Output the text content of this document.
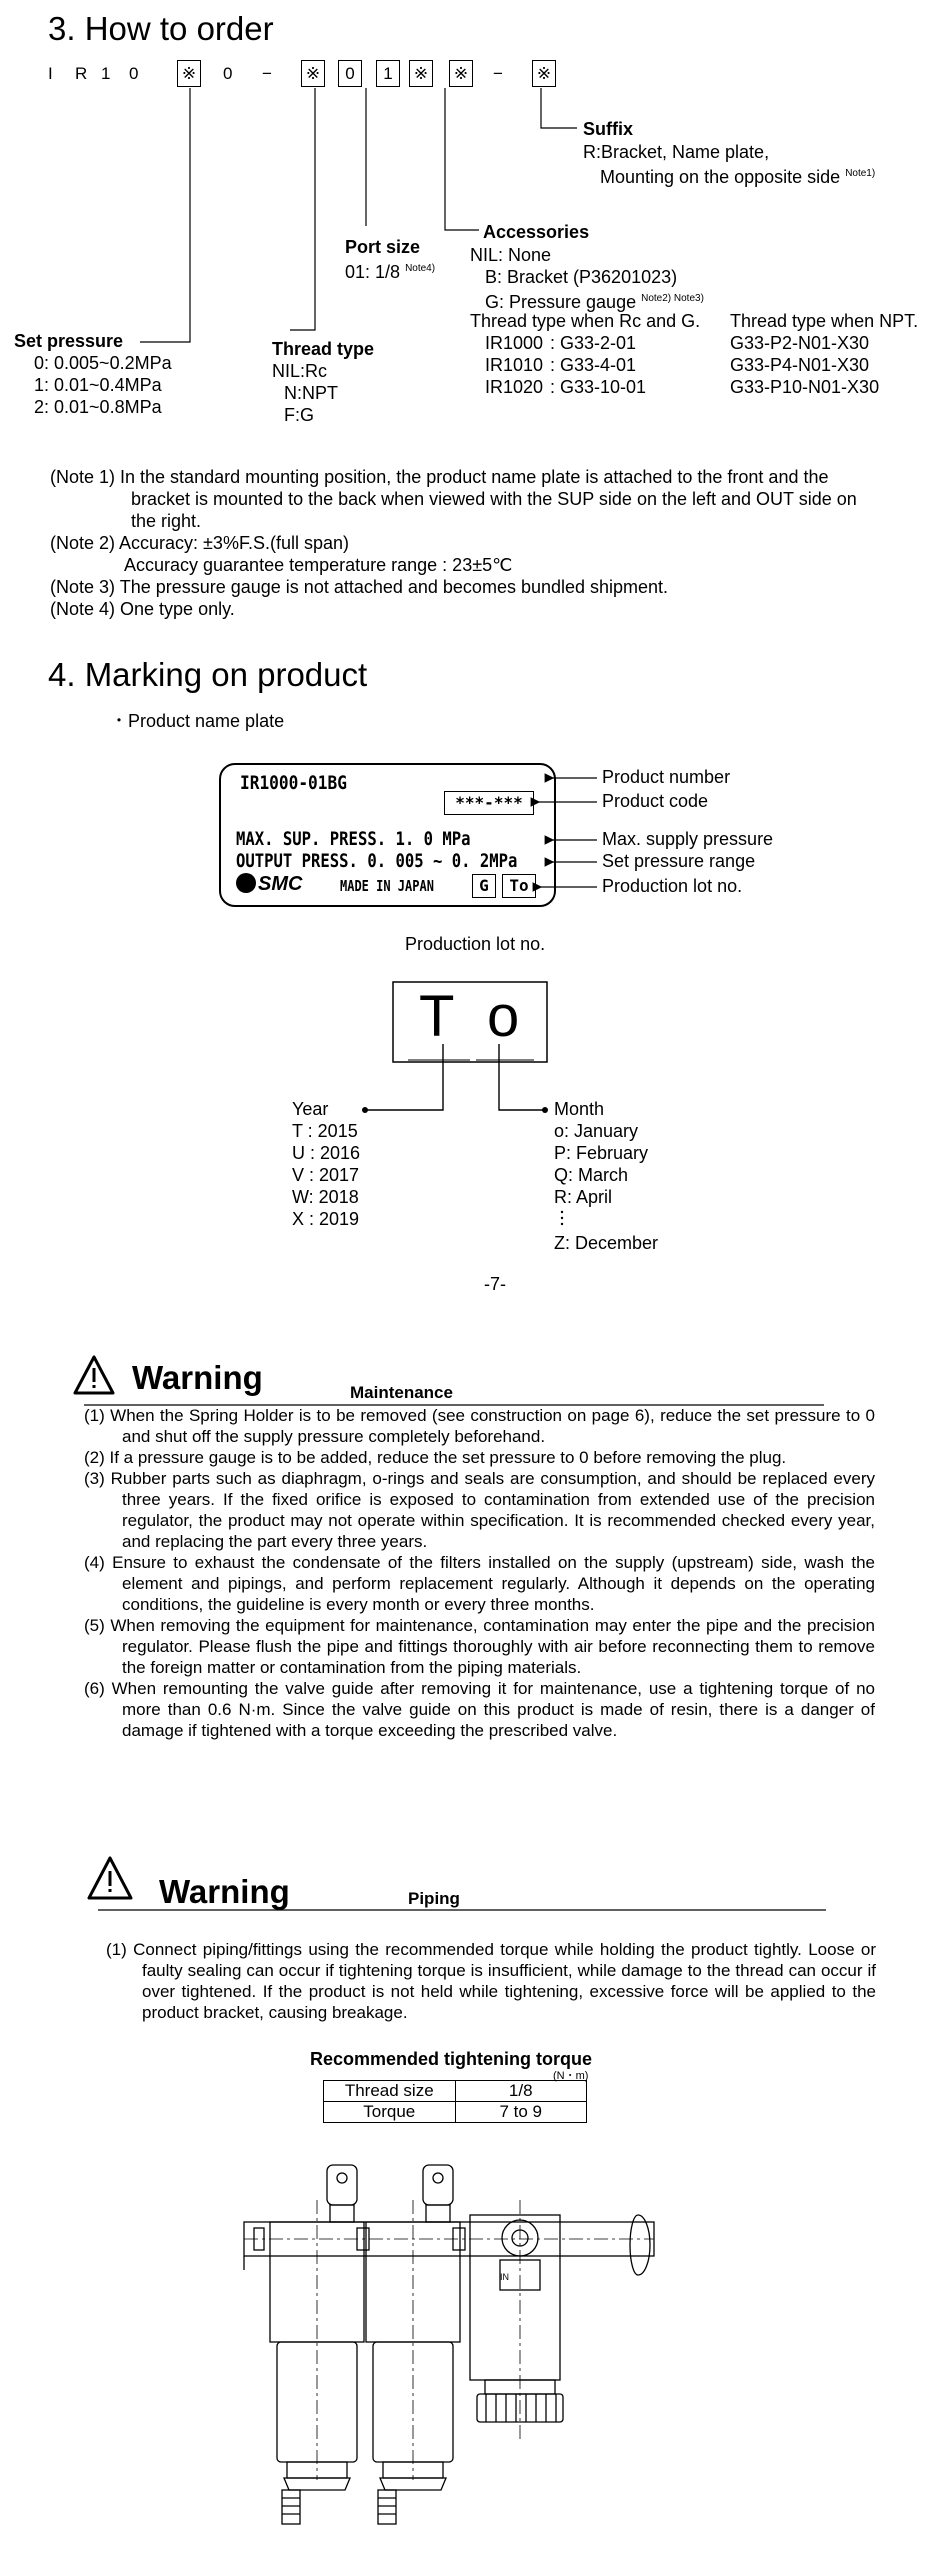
3. How to order
I R 1 0	※ 0 − ※	0	1	※ ※ − ※
Suffix
R:Bracket, Name plate,
Mounting on the opposite side $^{Note1)}$
Accessories
NIL: None
B: Bracket (P36201023)
G: Pressure gauge $^{Note2) Note3)}$
Thread type when Rc and G. Thread type when NPT.
IR1000 : G33-2-01	G33-P2-N01-X30
IR1010 : G33-4-01	G33-P4-N01-X30
IR1020 : G33-10-01	G33-P10-N01-X30
Port size
01: 1/8 $^{Note4)}$
Set pressure
0: 0.005~0.2MPa
1: 0.01~0.4MPa
2: 0.01~0.8MPa
Thread type
NIL:Rc
N:NPT
F:G
(Note 1) In the standard mounting position, the product name plate is attached to the front and the
bracket is mounted to the back when viewed with the SUP side on the left and OUT side on
the right.
(Note 2) Accuracy: ±3%F.S.(full span)
Accuracy guarantee temperature range : 23±5℃
(Note 3) The pressure gauge is not attached and becomes bundled shipment.
(Note 4) One type only.
4. Marking on product
・Product name plate
IR1000-01BG
***-***
MAX. SUP. PRESS. 1. 0 MPa
OUTPUT PRESS. 0. 005 ~ 0. 2MPa
SMC	MADE IN JAPAN	G	To
Product number
Product code
Max. supply pressure
Set pressure range
Production lot no.
Production lot no.
T o
Year
T : 2015
U : 2016
V : 2017
W: 2018
X : 2019
Month
o: January
P: February
Q: March
R: April
Z: December
-7-
Warning	Maintenance
(1) When the Spring Holder is to be removed (see construction on page 6), reduce the set pressure to 0 and shut off the supply pressure completely beforehand.
(2) If a pressure gauge is to be added, reduce the set pressure to 0 before removing the plug.
(3) Rubber parts such as diaphragm, o-rings and seals are consumption, and should be replaced every three years. If the fixed orifice is exposed to contamination from extended use of the precision regulator, the product may not operate within specification. It is recommended checked every year, and replacing the part every three years.
(4) Ensure to exhaust the condensate of the filters installed on the supply (upstream) side, wash the element and pipings, and perform replacement regularly. Although it depends on the operating conditions, the guideline is every month or every three months.
(5) When removing the equipment for maintenance, contamination may enter the pipe and the precision regulator. Please flush the pipe and fittings thoroughly with air before reconnecting them to remove the foreign matter or contamination from the piping materials.
(6) When remounting the valve guide after removing it for maintenance, use a tightening torque of no more than 0.6 N·m. Since the valve guide on this product is made of resin, there is a danger of damage if tightened with a torque exceeding the prescribed valve.
Warning	Piping
(1) Connect piping/fittings using the recommended torque while holding the product tightly. Loose or faulty sealing can occur if tightening torque is insufficient, while damage to the thread can occur if over tightened. If the product is not held while tightening, excessive force will be applied to the product bracket, causing breakage.
Recommended tightening torque
(N・m)
Thread size	1/8
Torque	7 to 9
IN
